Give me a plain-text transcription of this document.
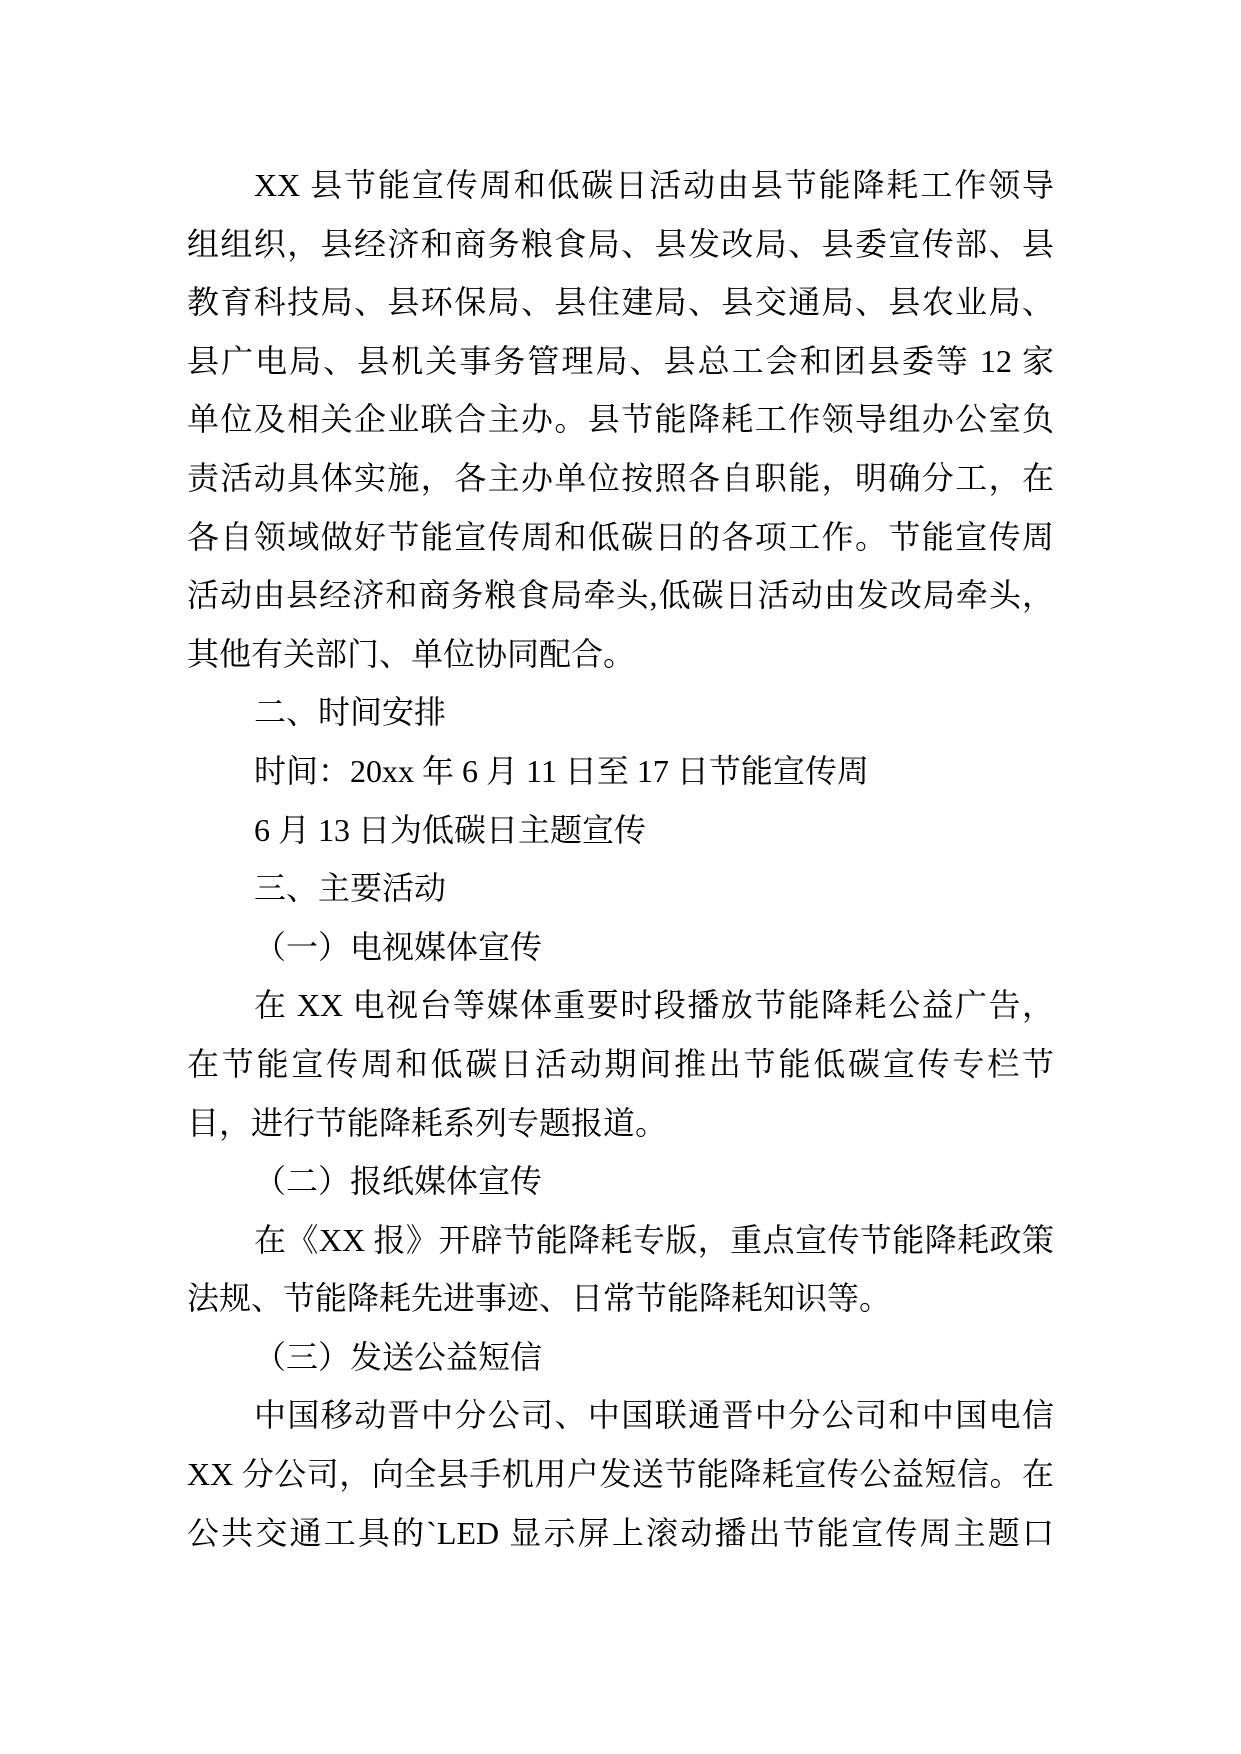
XX 县节能宣传周和低碳日活动由县节能降耗工作领导
组组织，县经济和商务粮食局、县发改局、县委宣传部、县
教育科技局、县环保局、县住建局、县交通局、县农业局、
县广电局、县机关事务管理局、县总工会和团县委等 12 家
单位及相关企业联合主办。县节能降耗工作领导组办公室负
责活动具体实施，各主办单位按照各自职能，明确分工，在
各自领域做好节能宣传周和低碳日的各项工作。节能宣传周
活动由县经济和商务粮食局牵头,低碳日活动由发改局牵头，
其他有关部门、单位协同配合。
二、时间安排
时间：20xx 年 6 月 11 日至 17 日节能宣传周
6 月 13 日为低碳日主题宣传
三、主要活动
（一）电视媒体宣传
在 XX 电视台等媒体重要时段播放节能降耗公益广告，
在节能宣传周和低碳日活动期间推出节能低碳宣传专栏节
目，进行节能降耗系列专题报道。
（二）报纸媒体宣传
在《XX 报》开辟节能降耗专版，重点宣传节能降耗政策
法规、节能降耗先进事迹、日常节能降耗知识等。
（三）发送公益短信
中国移动晋中分公司、中国联通晋中分公司和中国电信
XX 分公司，向全县手机用户发送节能降耗宣传公益短信。在
公共交通工具的`LED 显示屏上滚动播出节能宣传周主题口
